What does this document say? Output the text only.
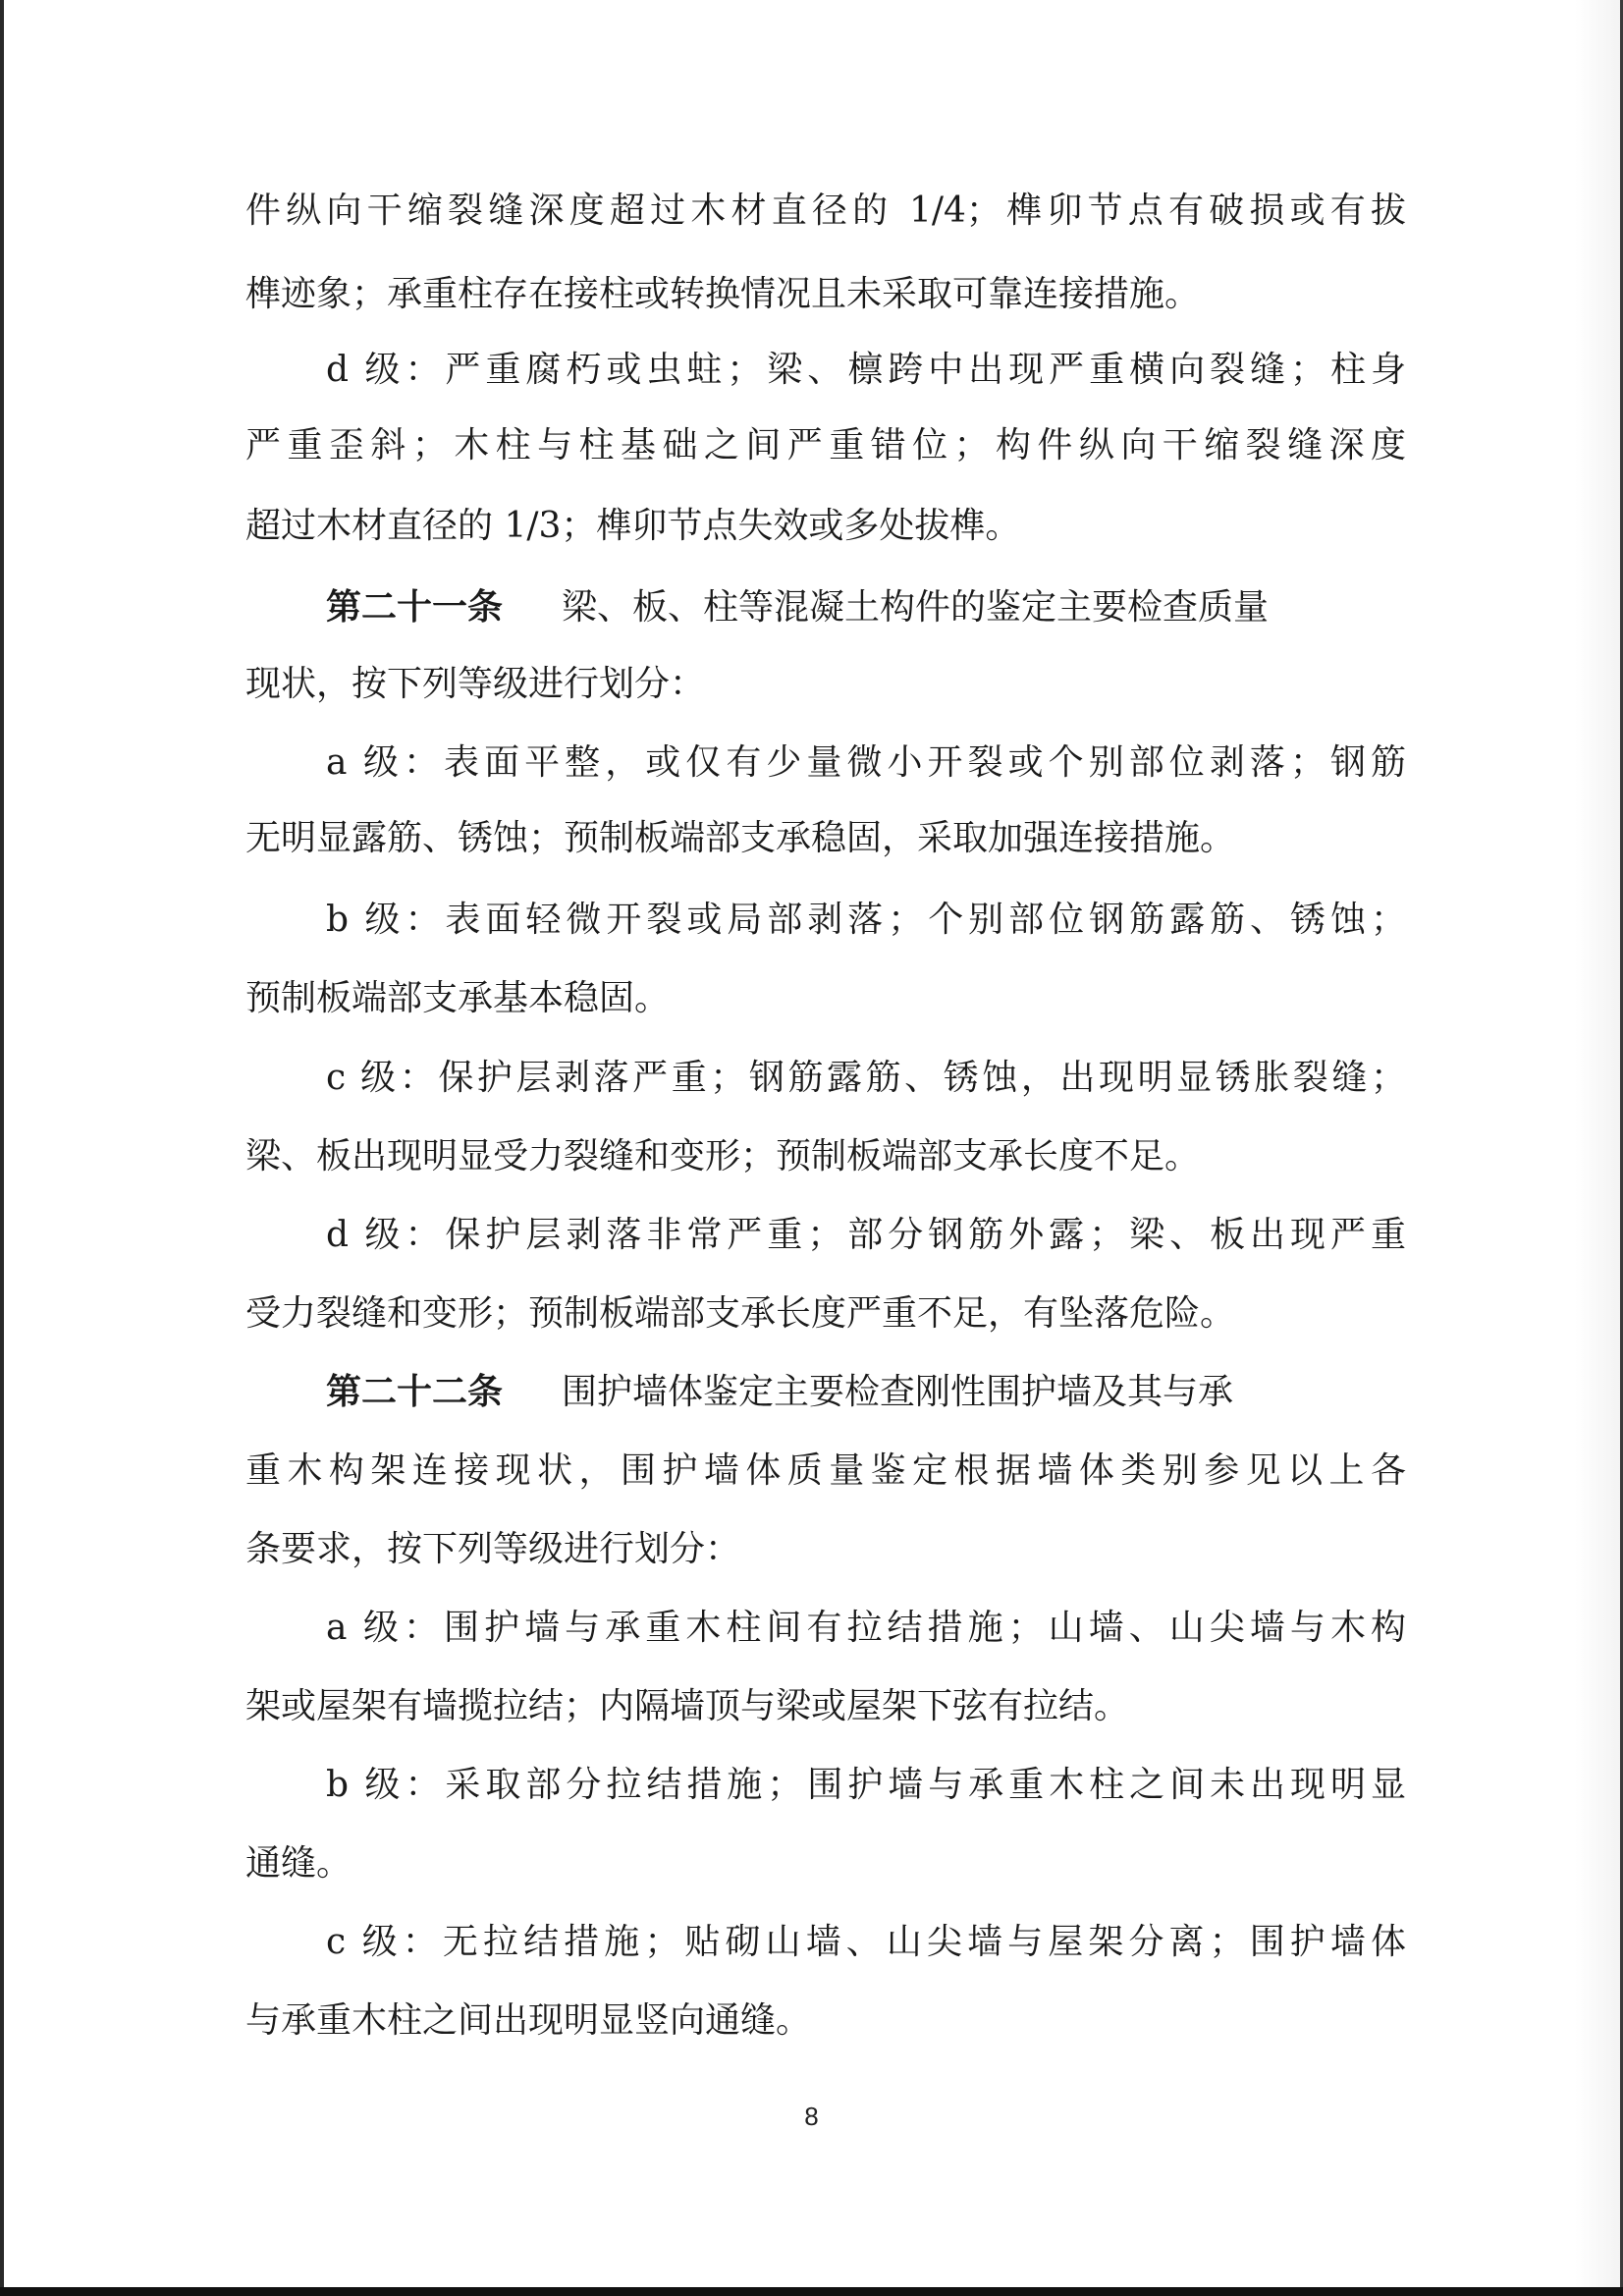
件纵向干缩裂缝深度超过木材直径的 1/4；榫卯节点有破损或有拔
榫迹象；承重柱存在接柱或转换情况且未采取可靠连接措施。
d 级：严重腐朽或虫蛀；梁、檩跨中出现严重横向裂缝；柱身
严重歪斜；木柱与柱基础之间严重错位；构件纵向干缩裂缝深度
超过木材直径的 1/3；榫卯节点失效或多处拔榫。
第二十一条 梁、板、柱等混凝土构件的鉴定主要检查质量
现状，按下列等级进行划分：
a 级：表面平整，或仅有少量微小开裂或个别部位剥落；钢筋
无明显露筋、锈蚀；预制板端部支承稳固，采取加强连接措施。
b 级：表面轻微开裂或局部剥落；个别部位钢筋露筋、锈蚀；
预制板端部支承基本稳固。
c 级：保护层剥落严重；钢筋露筋、锈蚀，出现明显锈胀裂缝；
梁、板出现明显受力裂缝和变形；预制板端部支承长度不足。
d 级：保护层剥落非常严重；部分钢筋外露；梁、板出现严重
受力裂缝和变形；预制板端部支承长度严重不足，有坠落危险。
第二十二条 围护墙体鉴定主要检查刚性围护墙及其与承
重木构架连接现状，围护墙体质量鉴定根据墙体类别参见以上各
条要求，按下列等级进行划分：
a 级：围护墙与承重木柱间有拉结措施；山墙、山尖墙与木构
架或屋架有墙揽拉结；内隔墙顶与梁或屋架下弦有拉结。
b 级：采取部分拉结措施；围护墙与承重木柱之间未出现明显
通缝。
c 级：无拉结措施；贴砌山墙、山尖墙与屋架分离；围护墙体
与承重木柱之间出现明显竖向通缝。
8
